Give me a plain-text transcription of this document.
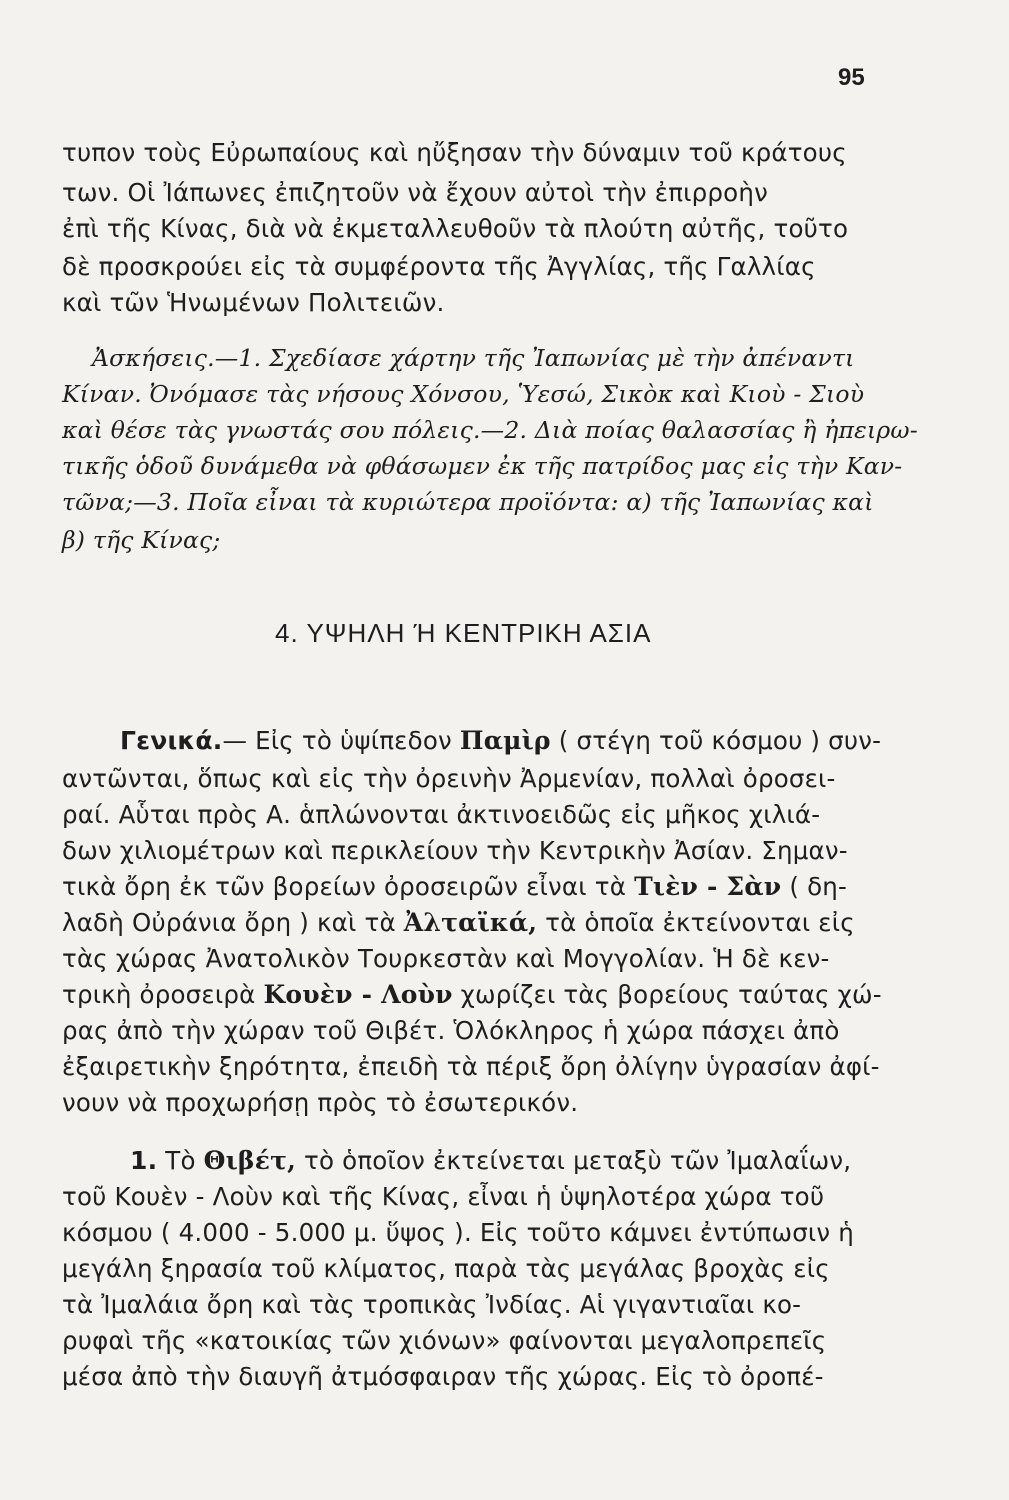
95
τυπον τοὺς Εὐρωπαίους καὶ ηὔξησαν τὴν δύναμιν τοῦ κράτους
των. Οἱ Ἰάπωνες ἐπιζητοῦν νὰ ἔχουν αὐτοὶ τὴν ἐπιρροὴν
ἐπὶ τῆς Κίνας, διὰ νὰ ἐκμεταλλευθοῦν τὰ πλούτη αὐτῆς, τοῦτο
δὲ προσκρούει εἰς τὰ συμφέροντα τῆς Ἀγγλίας, τῆς Γαλλίας
καὶ τῶν Ἡνωμένων Πολιτειῶν.
Ἀσκήσεις.—1. Σχεδίασε χάρτην τῆς Ἰαπωνίας μὲ τὴν ἀπέναντι
Κίναν. Ὀνόμασε τὰς νήσους Χόνσου, Ὑεσώ, Σικὸκ καὶ Κιοὺ - Σιοὺ
καὶ θέσε τὰς γνωστάς σου πόλεις.—2. Διὰ ποίας θαλασσίας ἢ ἠπειρω-
τικῆς ὁδοῦ δυνάμεθα νὰ φθάσωμεν ἐκ τῆς πατρίδος μας εἰς τὴν Καν-
τῶνα;—3. Ποῖα εἶναι τὰ κυριώτερα προϊόντα: α) τῆς Ἰαπωνίας καὶ
β) τῆς Κίνας;
4. ΥΨΗΛΗ Ή ΚΕΝΤΡΙΚΗ ΑΣΙΑ
Γενικά.— Εἰς τὸ ὑψίπεδον Παμὶρ ( στέγη τοῦ κόσμου ) συν-
αντῶνται, ὅπως καὶ εἰς τὴν ὀρεινὴν Ἀρμενίαν, πολλαὶ ὀροσει-
ραί. Αὗται πρὸς Α. ἁπλώνονται ἀκτινοειδῶς εἰς μῆκος χιλιά-
δων χιλιομέτρων καὶ περικλείουν τὴν Κεντρικὴν Ἀσίαν. Σημαν-
τικὰ ὄρη ἐκ τῶν βορείων ὀροσειρῶν εἶναι τὰ Τιὲν - Σὰν ( δη-
λαδὴ Οὐράνια ὄρη ) καὶ τὰ Ἀλταϊκά, τὰ ὁποῖα ἐκτείνονται εἰς
τὰς χώρας Ἀνατολικὸν Τουρκεστὰν καὶ Μογγολίαν. Ἡ δὲ κεν-
τρικὴ ὀροσειρὰ Κουὲν - Λοὺν χωρίζει τὰς βορείους ταύτας χώ-
ρας ἀπὸ τὴν χώραν τοῦ Θιβέτ. Ὁλόκληρος ἡ χώρα πάσχει ἀπὸ
ἐξαιρετικὴν ξηρότητα, ἐπειδὴ τὰ πέριξ ὄρη ὀλίγην ὑγρασίαν ἀφί-
νουν νὰ προχωρήσῃ πρὸς τὸ ἐσωτερικόν.
1. Τὸ Θιβέτ, τὸ ὁποῖον ἐκτείνεται μεταξὺ τῶν Ἰμαλαΐων,
τοῦ Κουὲν - Λοὺν καὶ τῆς Κίνας, εἶναι ἡ ὑψηλοτέρα χώρα τοῦ
κόσμου ( 4.000 - 5.000 μ. ὕψος ). Εἰς τοῦτο κάμνει ἐντύπωσιν ἡ
μεγάλη ξηρασία τοῦ κλίματος, παρὰ τὰς μεγάλας βροχὰς εἰς
τὰ Ἰμαλάια ὄρη καὶ τὰς τροπικὰς Ἰνδίας. Αἱ γιγαντιαῖαι κο-
ρυφαὶ τῆς «κατοικίας τῶν χιόνων» φαίνονται μεγαλοπρεπεῖς
μέσα ἀπὸ τὴν διαυγῆ ἀτμόσφαιραν τῆς χώρας. Εἰς τὸ ὀροπέ-
